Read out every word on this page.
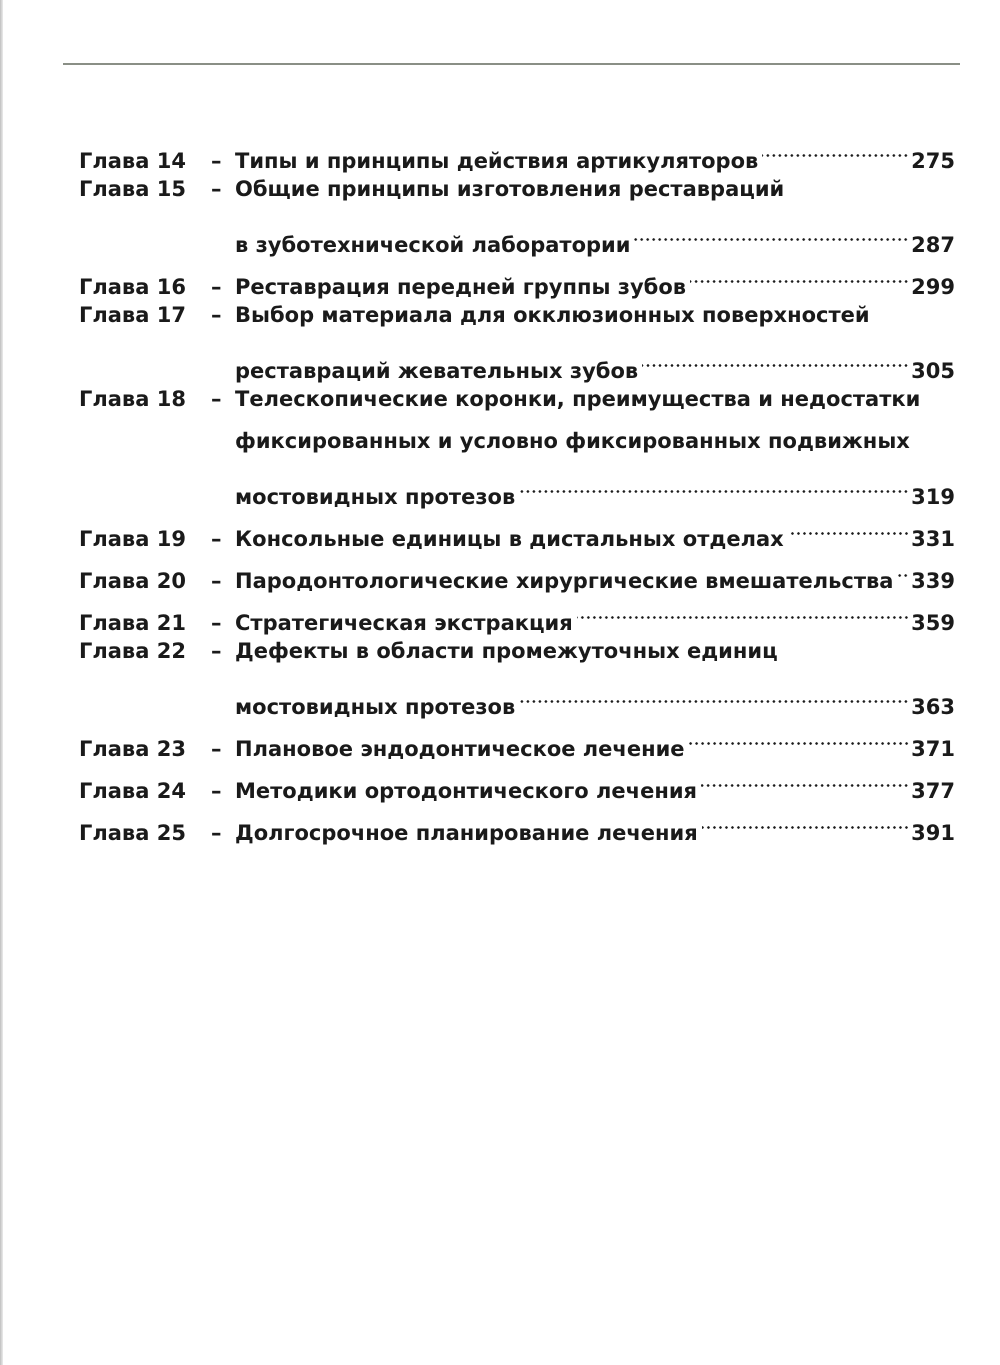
Глава 14	– Типы и принципы действия артикуляторов	275
Глава 15	– Общие принципы изготовления реставраций
в зуботехнической лаборатории	287
Глава 16	– Реставрация передней группы зубов	299
Глава 17	– Выбор материала для окклюзионных поверхностей
реставраций жевательных зубов	305
Глава 18	– Телескопические коронки, преимущества и недостатки
фиксированных и условно фиксированных подвижных
мостовидных протезов	319
Глава 19	– Консольные единицы в дистальных отделах	331
Глава 20	– Пародонтологические хирургические вмешательства 339
Глава 21	– Стратегическая экстракция	359
Глава 22	– Дефекты в области промежуточных единиц
мостовидных протезов	363
Глава 23	– Плановое эндодонтическое лечение	371
Глава 24	– Методики ортодонтического лечения	377
Глава 25	– Долгосрочное планирование лечения	391
